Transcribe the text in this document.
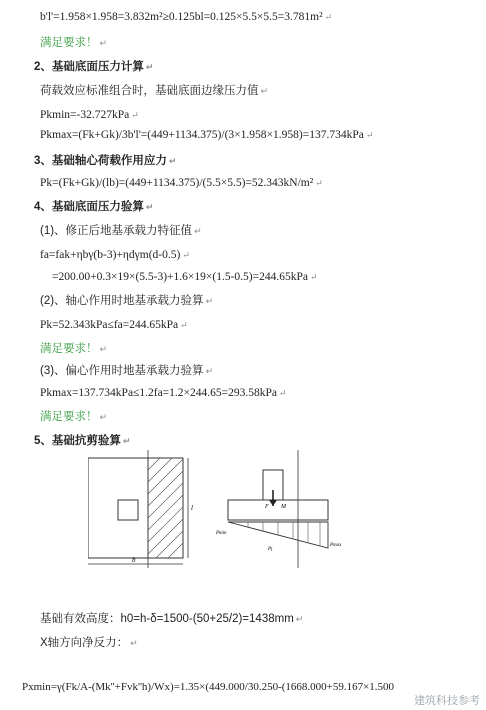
b'l'=1.958×1.958=3.832m²≥0.125bl=0.125×5.5×5.5=3.781m² ↵
满足要求！ ↵
2、基础底面压力计算 ↵
荷载效应标准组合时，基础底面边缘压力值 ↵
Pkmin=-32.727kPa ↵
Pkmax=(Fk+Gk)/3b'l'=(449+1134.375)/(3×1.958×1.958)=137.734kPa ↵
3、基础轴心荷载作用应力 ↵
Pk=(Fk+Gk)/(lb)=(449+1134.375)/(5.5×5.5)=52.343kN/m² ↵
4、基础底面压力验算 ↵
(1)、修正后地基承载力特征值 ↵
fa=fak+ηbγ(b-3)+ηdγm(d-0.5) ↵
=200.00+0.3×19×(5.5-3)+1.6×19×(1.5-0.5)=244.65kPa ↵
(2)、轴心作用时地基承载力验算 ↵
Pk=52.343kPa≤fa=244.65kPa ↵
满足要求！ ↵
(3)、偏心作用时地基承载力验算 ↵
Pkmax=137.734kPa≤1.2fa=1.2×244.65=293.58kPa ↵
满足要求！ ↵
5、基础抗剪验算 ↵
b
l	F M
Pmin
Pmax
Pj
基础有效高度：h0=h-δ=1500-(50+25/2)=1438mm ↵
X轴方向净反力： ↵
Pxmin=γ(Fk/A-(Mk''+Fvk''h)/Wx)=1.35×(449.000/30.250-(1668.000+59.167×1.500
建筑科技参考
